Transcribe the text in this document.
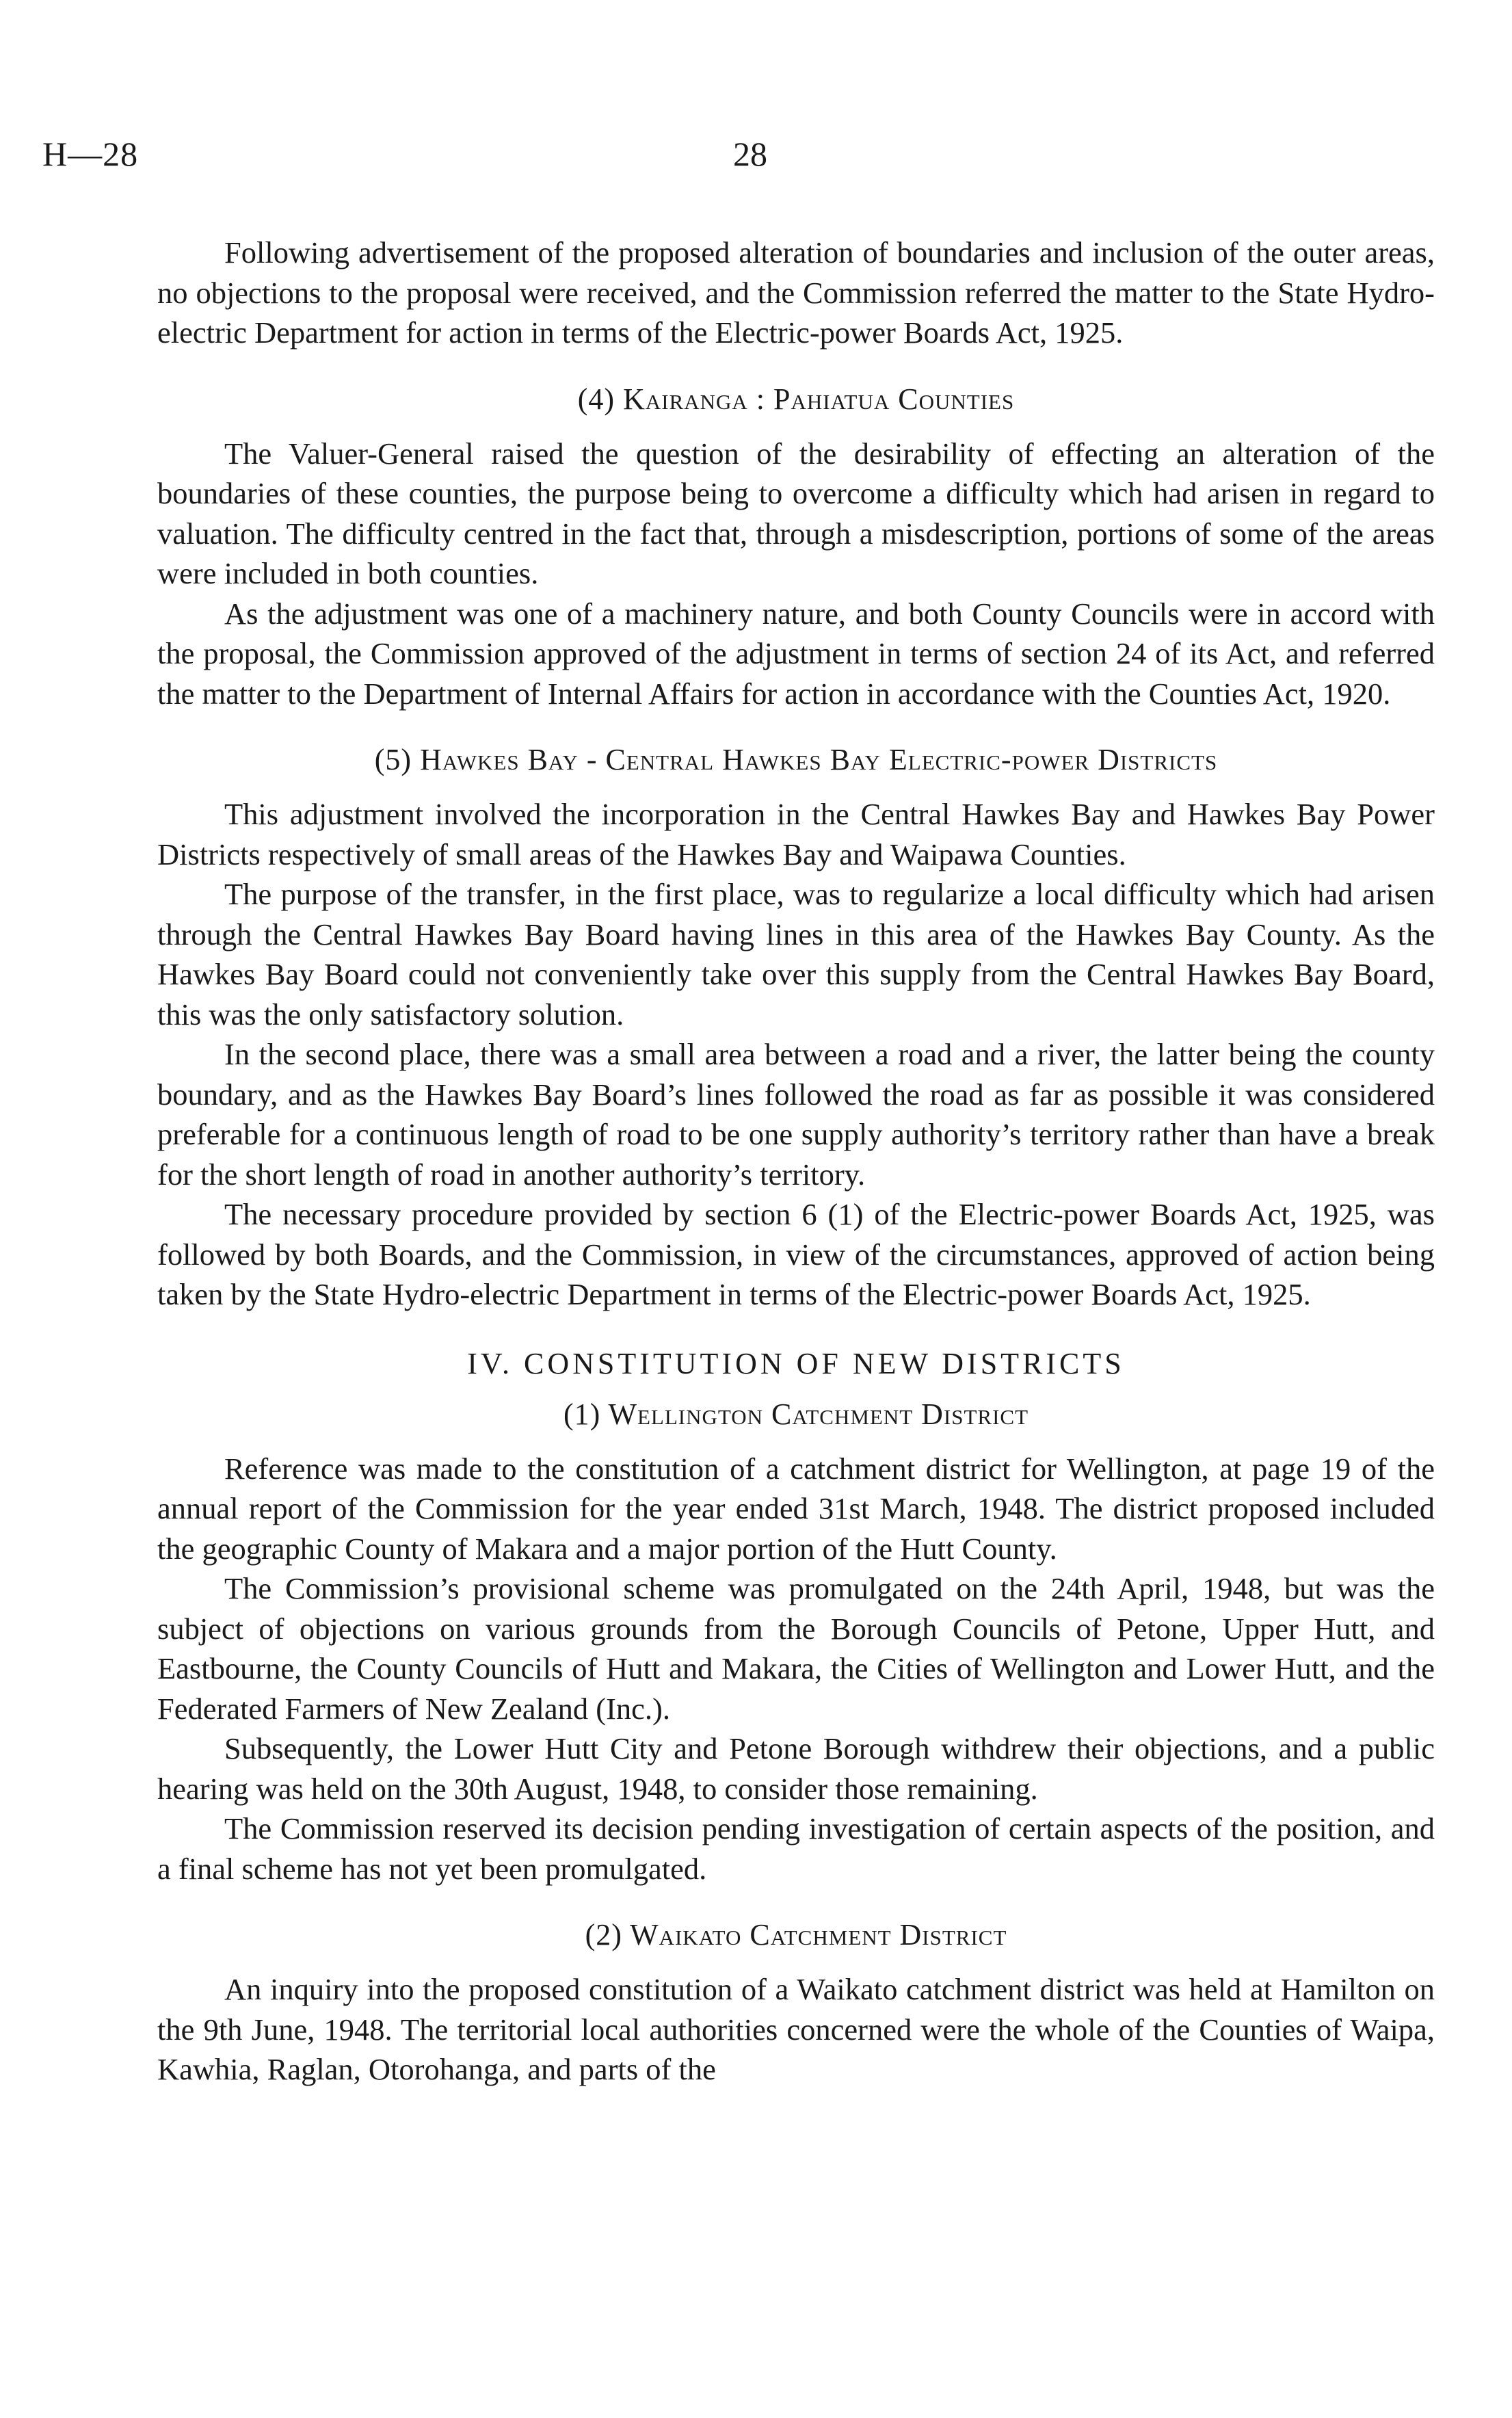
H—28	28

Following advertisement of the proposed alteration of boundaries and inclusion of the outer areas, no objections to the proposal were received, and the Commission referred the matter to the State Hydro-electric Department for action in terms of the Electric-power Boards Act, 1925.

(4) Kairanga : Pahiatua Counties

The Valuer-General raised the question of the desirability of effecting an alteration of the boundaries of these counties, the purpose being to overcome a difficulty which had arisen in regard to valuation. The difficulty centred in the fact that, through a misdescription, portions of some of the areas were included in both counties.

As the adjustment was one of a machinery nature, and both County Councils were in accord with the proposal, the Commission approved of the adjustment in terms of section 24 of its Act, and referred the matter to the Department of Internal Affairs for action in accordance with the Counties Act, 1920.

(5) Hawkes Bay - Central Hawkes Bay Electric-power Districts

This adjustment involved the incorporation in the Central Hawkes Bay and Hawkes Bay Power Districts respectively of small areas of the Hawkes Bay and Waipawa Counties.

The purpose of the transfer, in the first place, was to regularize a local difficulty which had arisen through the Central Hawkes Bay Board having lines in this area of the Hawkes Bay County. As the Hawkes Bay Board could not conveniently take over this supply from the Central Hawkes Bay Board, this was the only satisfactory solution.

In the second place, there was a small area between a road and a river, the latter being the county boundary, and as the Hawkes Bay Board’s lines followed the road as far as possible it was considered preferable for a continuous length of road to be one supply authority’s territory rather than have a break for the short length of road in another authority’s territory.

The necessary procedure provided by section 6 (1) of the Electric-power Boards Act, 1925, was followed by both Boards, and the Commission, in view of the circumstances, approved of action being taken by the State Hydro-electric Department in terms of the Electric-power Boards Act, 1925.

IV. CONSTITUTION OF NEW DISTRICTS
(1) Wellington Catchment District

Reference was made to the constitution of a catchment district for Wellington, at page 19 of the annual report of the Commission for the year ended 31st March, 1948. The district proposed included the geographic County of Makara and a major portion of the Hutt County.

The Commission’s provisional scheme was promulgated on the 24th April, 1948, but was the subject of objections on various grounds from the Borough Councils of Petone, Upper Hutt, and Eastbourne, the County Councils of Hutt and Makara, the Cities of Wellington and Lower Hutt, and the Federated Farmers of New Zealand (Inc.).

Subsequently, the Lower Hutt City and Petone Borough withdrew their objections, and a public hearing was held on the 30th August, 1948, to consider those remaining.

The Commission reserved its decision pending investigation of certain aspects of the position, and a final scheme has not yet been promulgated.

(2) Waikato Catchment District

An inquiry into the proposed constitution of a Waikato catchment district was held at Hamilton on the 9th June, 1948. The territorial local authorities concerned were the whole of the Counties of Waipa, Kawhia, Raglan, Otorohanga, and parts of the
